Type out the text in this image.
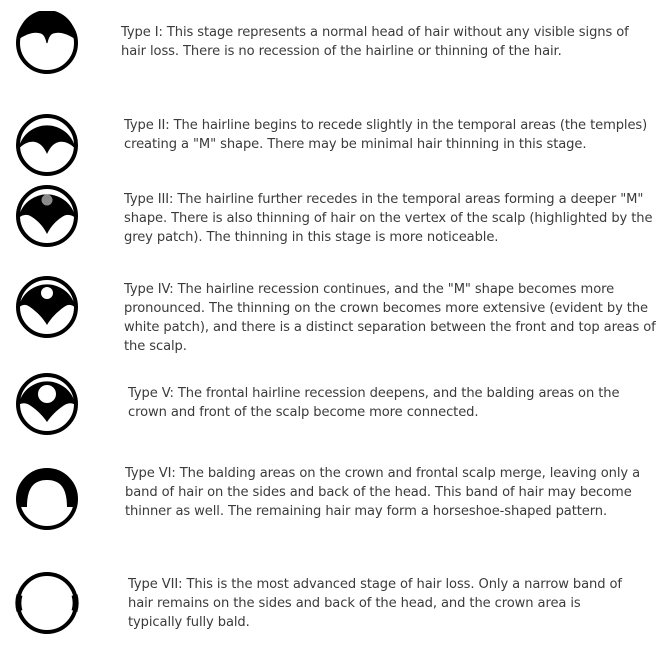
Type I: This stage represents a normal head of hair without any visible signs of hair loss. There is no recession of the hairline or thinning of the hair.

Type II: The hairline begins to recede slightly in the temporal areas (the temples) creating a "M" shape. There may be minimal hair thinning in this stage.

Type III: The hairline further recedes in the temporal areas forming a deeper "M" shape. There is also thinning of hair on the vertex of the scalp (highlighted by the grey patch). The thinning in this stage is more noticeable.

Type IV: The hairline recession continues, and the "M" shape becomes more pronounced. The thinning on the crown becomes more extensive (evident by the white patch), and there is a distinct separation between the front and top areas of the scalp.

Type V: The frontal hairline recession deepens, and the balding areas on the crown and front of the scalp become more connected.

Type VI: The balding areas on the crown and frontal scalp merge, leaving only a band of hair on the sides and back of the head. This band of hair may become thinner as well. The remaining hair may form a horseshoe-shaped pattern.

Type VII: This is the most advanced stage of hair loss. Only a narrow band of hair remains on the sides and back of the head, and the crown area is typically fully bald.
